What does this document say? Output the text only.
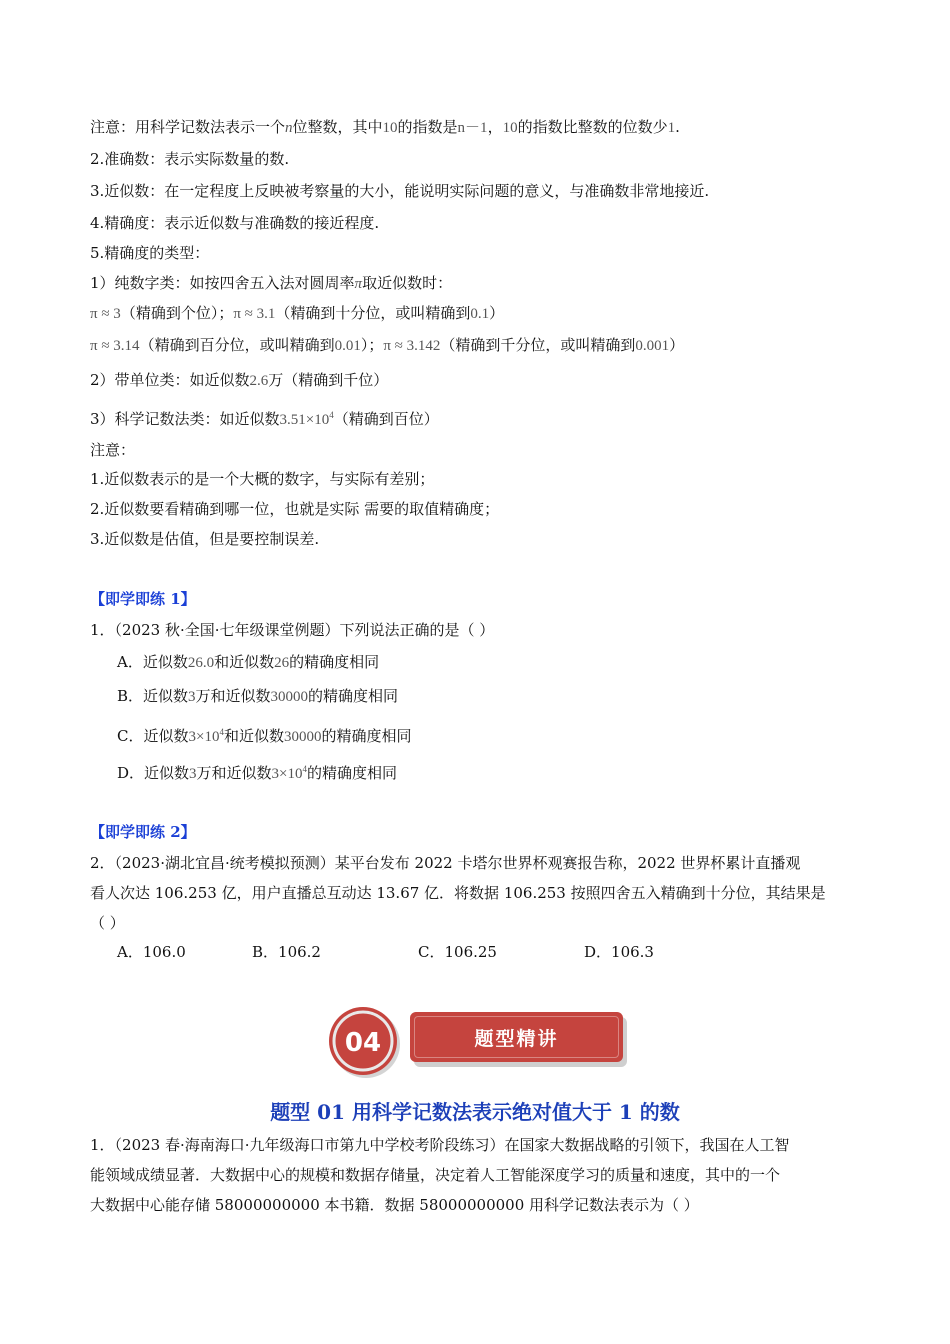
注意：用科学记数法表示一个n位整数，其中10的指数是n－1，10的指数比整数的位数少1.
2.准确数：表示实际数量的数.
3.近似数：在一定程度上反映被考察量的大小，能说明实际问题的意义，与准确数非常地接近.
4.精确度：表示近似数与准确数的接近程度.
5.精确度的类型：
1）纯数字类：如按四舍五入法对圆周率π取近似数时：
π ≈ 3（精确到个位）；π ≈ 3.1（精确到十分位，或叫精确到0.1）
π ≈ 3.14（精确到百分位，或叫精确到0.01）；π ≈ 3.142（精确到千分位，或叫精确到0.001）
2）带单位类：如近似数2.6万（精确到千位）
3）科学记数法类：如近似数$3.51\times 10^4$（精确到百位）
注意：
1.近似数表示的是一个大概的数字，与实际有差别；
2.近似数要看精确到哪一位，也就是实际 需要的取值精确度；
3.近似数是估值，但是要控制误差.
【即学即练 1】
1．（2023 秋·全国·七年级课堂例题）下列说法正确的是（ ）
A．近似数26.0和近似数26的精确度相同
B．近似数3万和近似数30000的精确度相同
C．近似数$3\times 10^4$和近似数30000的精确度相同
D．近似数3万和近似数$3\times 10^4$的精确度相同
【即学即练 2】
2．（2023·湖北宜昌·统考模拟预测）某平台发布 2022 卡塔尔世界杯观赛报告称，2022 世界杯累计直播观
看人次达 106.253 亿，用户直播总互动达 13.67 亿．将数据 106.253 按照四舍五入精确到十分位，其结果是
（ ）
A．106.0	B．106.2	C．106.25	D．106.3
04	题型精讲
题型 01 用科学记数法表示绝对值大于 1 的数
1．（2023 春·海南海口·九年级海口市第九中学校考阶段练习）在国家大数据战略的引领下，我国在人工智
能领域成绩显著．大数据中心的规模和数据存储量，决定着人工智能深度学习的质量和速度，其中的一个
大数据中心能存储 58000000000 本书籍．数据 58000000000 用科学记数法表示为（ ）
